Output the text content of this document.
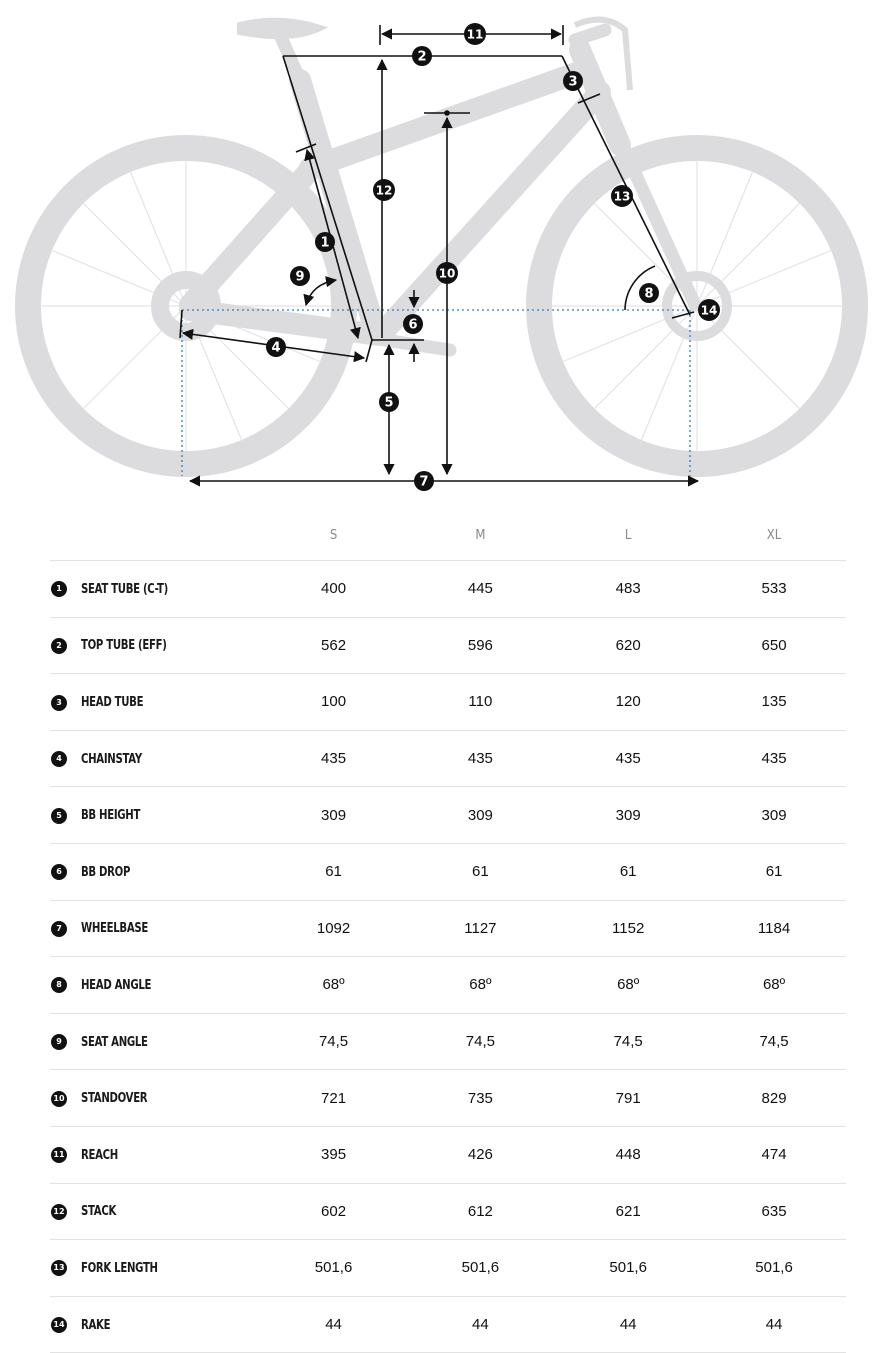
1
2
3
4
5
6
7
8
9	10
11
12	13
14
	S	M	L	XL
1 SEAT TUBE (C-T)	400	445	483	533
2 TOP TUBE (EFF)	562	596	620	650
3 HEAD TUBE	100	110	120	135
4 CHAINSTAY	435	435	435	435
5 BB HEIGHT	309	309	309	309
6 BB DROP	61	61	61	61
7 WHEELBASE	1092	1127	1152	1184
8 HEAD ANGLE	68º	68º	68º	68º
9 SEAT ANGLE	74,5	74,5	74,5	74,5
10 STANDOVER	721	735	791	829
11 REACH	395	426	448	474
12 STACK	602	612	621	635
13 FORK LENGTH	501,6	501,6	501,6	501,6
14 RAKE	44	44	44	44
